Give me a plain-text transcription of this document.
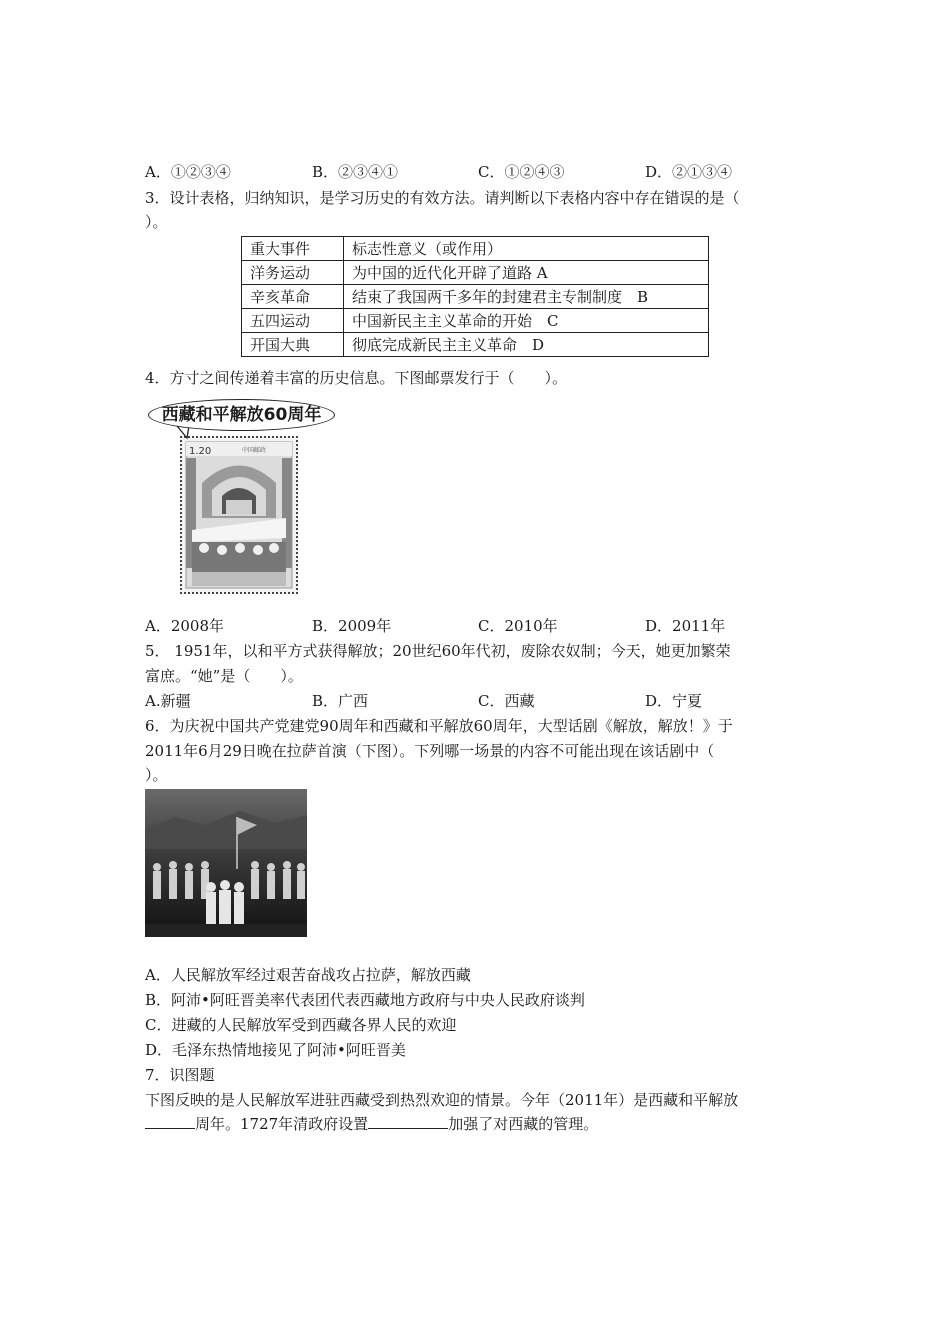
A．①②③④	B．②③④①	C．①②④③	D．②①③④
3．设计表格，归纳知识，是学习历史的有效方法。请判断以下表格内容中存在错误的是（
）。
重大事件	标志性意义（或作用）
洋务运动	为中国的近代化开辟了道路 A
辛亥革命	结束了我国两千多年的封建君主专制制度　B
五四运动	中国新民主主义革命的开始　C
开国大典	彻底完成新民主主义革命　D
4．方寸之间传递着丰富的历史信息。下图邮票发行于（　　）。
西藏和平解放60周年
1.20	中国邮政
A．2008年	B．2009年	C．2010年	D．2011年
5． 1951年，以和平方式获得解放；20世纪60年代初，废除农奴制；今天，她更加繁荣
富庶。“她”是（　　）。
A.新疆	B．广西	C．西藏	D．宁夏
6．为庆祝中国共产党建党90周年和西藏和平解放60周年，大型话剧《解放，解放！》于
2011年6月29日晚在拉萨首演（下图）。下列哪一场景的内容不可能出现在该话剧中（
）。
A．人民解放军经过艰苦奋战攻占拉萨，解放西藏
B．阿沛•阿旺晋美率代表团代表西藏地方政府与中央人民政府谈判
C．进藏的人民解放军受到西藏各界人民的欢迎
D．毛泽东热情地接见了阿沛•阿旺晋美
7．识图题
下图反映的是人民解放军进驻西藏受到热烈欢迎的情景。今年（2011年）是西藏和平解放
周年。1727年清政府设置	加强了对西藏的管理。
